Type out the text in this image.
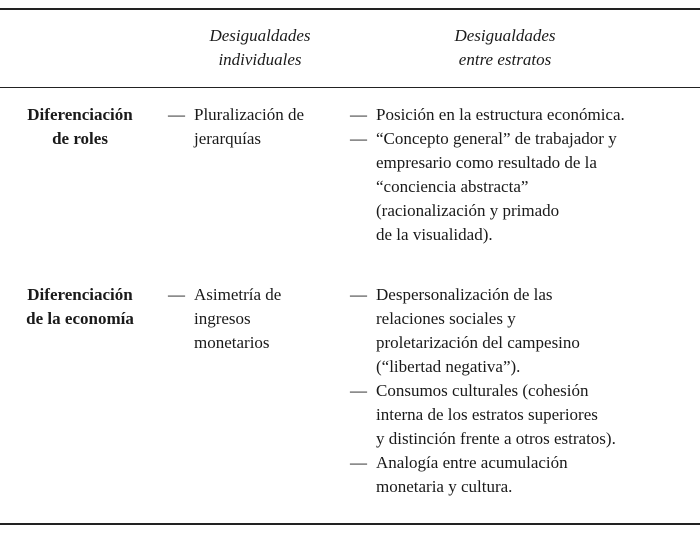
Desigualdades
individuales
Desigualdades
entre estratos
Diferenciación
de roles
— Pluralización de
jerarquías
— Posición en la estructura económica.
— “Concepto general” de trabajador y
empresario como resultado de la
“conciencia abstracta”
(racionalización y primado
de la visualidad).
Diferenciación
de la economía
— Asimetría de
ingresos
monetarios
— Despersonalización de las
relaciones sociales y
proletarización del campesino
(“libertad negativa”).
— Consumos culturales (cohesión
interna de los estratos superiores
y distinción frente a otros estratos).
— Analogía entre acumulación
monetaria y cultura.
